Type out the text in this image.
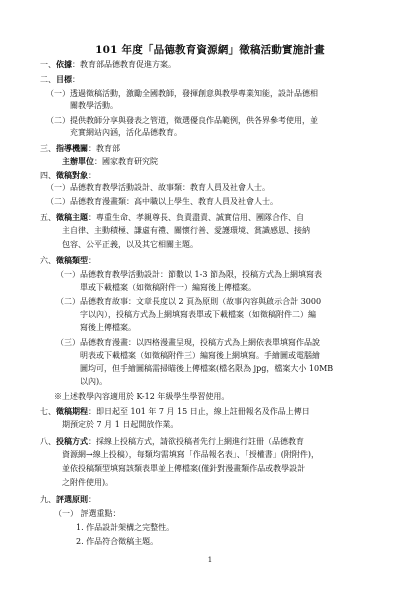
101 年度「品德教育資源網」徵稿活動實施計畫
一、依據：教育部品德教育促進方案。
二、目標：
（一）透過徵稿活動，激勵全國教師，發揮創意與教學專業知能，設計品德相
關教學活動。
（二）提供教師分享與發表之管道，徵選優良作品範例，供各界參考使用，並
充實網站內涵，活化品德教育。
三、指導機關：教育部
主辦單位：國家教育研究院
四、徵稿對象：
（一）品德教育教學活動設計、故事類：教育人員及社會人士。
（二）品德教育漫畫類：高中職以上學生、教育人員及社會人士。
五、徵稿主題：專重生命、孝親尊長、負責盡責、誠實信用、團隊合作、自
主自律、主動積極、謙虛有禮、關懷行善、愛護環境、賞識感恩、接納
包容、公平正義，以及其它相關主題。
六、徵稿類型：
（一）品德教育教學活動設計：節數以 1-3 節為限，投稿方式為上網填寫表
單或下載檔案（如徵稿附件一）編寫後上傳檔案。
（二）品德教育故事：文章長度以 2 頁為原則（故事內容與啟示合計 3000
字以內），投稿方式為上網填寫表單或下載檔案（如徵稿附件二）編
寫後上傳檔案。
（三）品德教育漫畫：以四格漫畫呈現，投稿方式為上網依表單填寫作品說
明表或下載檔案（如徵稿附件三）編寫後上網填寫。手繪圖或電腦繪
圖均可，但手繪圖稿需掃瞄後上傳檔案(檔名限為 jpg，檔案大小 10MB
以內)。
※上述教學內容適用於 K-12 年級學生學習使用。
七、徵稿期程：即日起至 101 年 7 月 15 日止，線上註冊報名及作品上傳日
期預定於 7 月 1 日起開放作業。
八、投稿方式：採線上投稿方式，請欲投稿者先行上網進行註冊（品德教育
資源網→線上投稿），每類均需填寫「作品報名表」、「授權書」(附附件)，
並依投稿類型填寫該類表單並上傳檔案(僅針對漫畫類作品或教學設計
之附件使用)。
九、評選原則：
（一） 評選重點：
1. 作品設計架構之完整性。
2. 作品符合徵稿主題。
1
